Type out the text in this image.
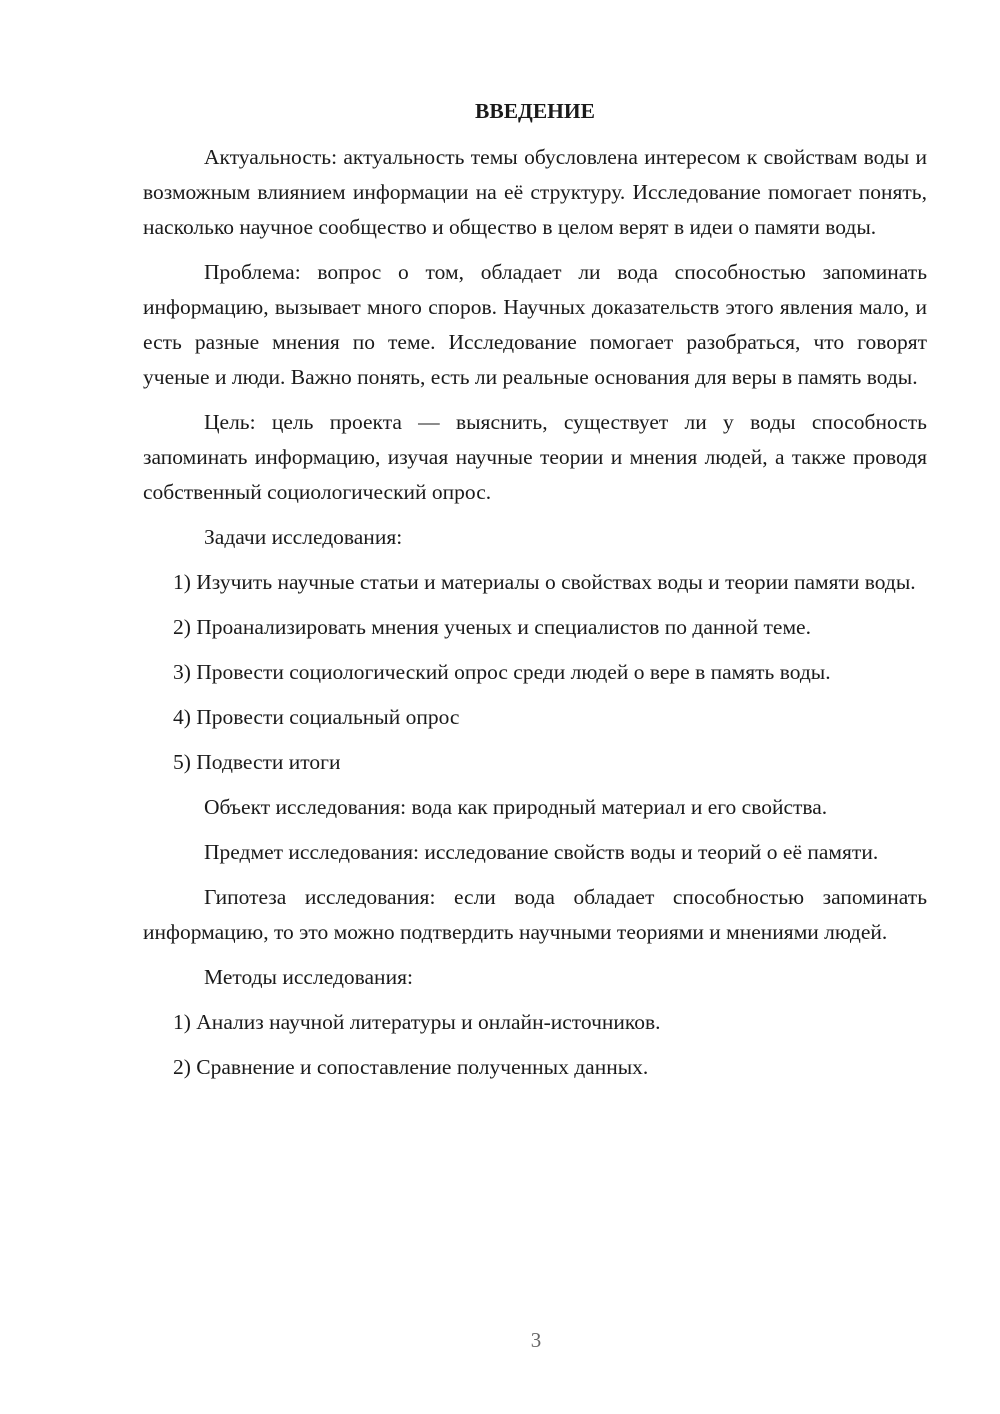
ВВЕДЕНИЕ

Актуальность: актуальность темы обусловлена интересом к свойствам воды и возможным влиянием информации на её структуру. Исследование помогает понять, насколько научное сообщество и общество в целом верят в идеи о памяти воды.

Проблема: вопрос о том, обладает ли вода способностью запоминать информацию, вызывает много споров. Научных доказательств этого явления мало, и есть разные мнения по теме. Исследование помогает разобраться, что говорят ученые и люди. Важно понять, есть ли реальные основания для веры в память воды.

Цель: цель проекта — выяснить, существует ли у воды способность запоминать информацию, изучая научные теории и мнения людей, а также проводя собственный социологический опрос.

Задачи исследования:

1) Изучить научные статьи и материалы о свойствах воды и теории памяти воды.

2) Проанализировать мнения ученых и специалистов по данной теме.

3) Провести социологический опрос среди людей о вере в память воды.

4) Провести социальный опрос

5) Подвести итоги

Объект исследования: вода как природный материал и его свойства.

Предмет исследования: исследование свойств воды и теорий о её памяти.

Гипотеза исследования: если вода обладает способностью запоминать информацию, то это можно подтвердить научными теориями и мнениями людей.

Методы исследования:

1) Анализ научной литературы и онлайн-источников.

2) Сравнение и сопоставление полученных данных.

3
